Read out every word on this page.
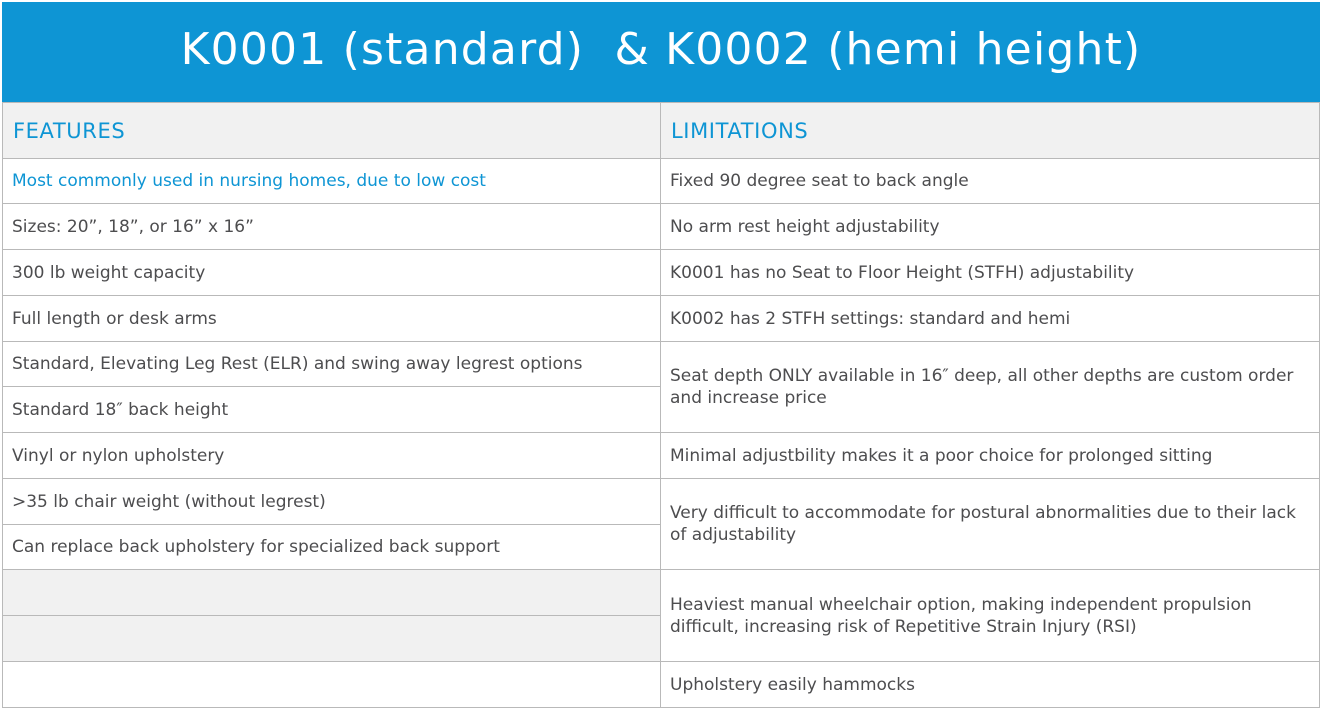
K0001 (standard)  & K0002 (hemi height)
FEATURES	LIMITATIONS
Most commonly used in nursing homes, due to low cost
Sizes: 20”, 18”, or 16” x 16”
300 lb weight capacity
Full length or desk arms
Standard, Elevating Leg Rest (ELR) and swing away legrest options
Standard 18″ back height
Vinyl or nylon upholstery
>35 lb chair weight (without legrest)
Can replace back upholstery for specialized back support
Fixed 90 degree seat to back angle
No arm rest height adjustability
K0001 has no Seat to Floor Height (STFH) adjustability
K0002 has 2 STFH settings: standard and hemi
Seat depth ONLY available in 16″ deep, all other depths are custom order and increase price
Minimal adjustbility makes it a poor choice for prolonged sitting
Very difficult to accommodate for postural abnormalities due to their lack of adjustability
Heaviest manual wheelchair option, making independent propulsion difficult, increasing risk of Repetitive Strain Injury (RSI)
Upholstery easily hammocks
